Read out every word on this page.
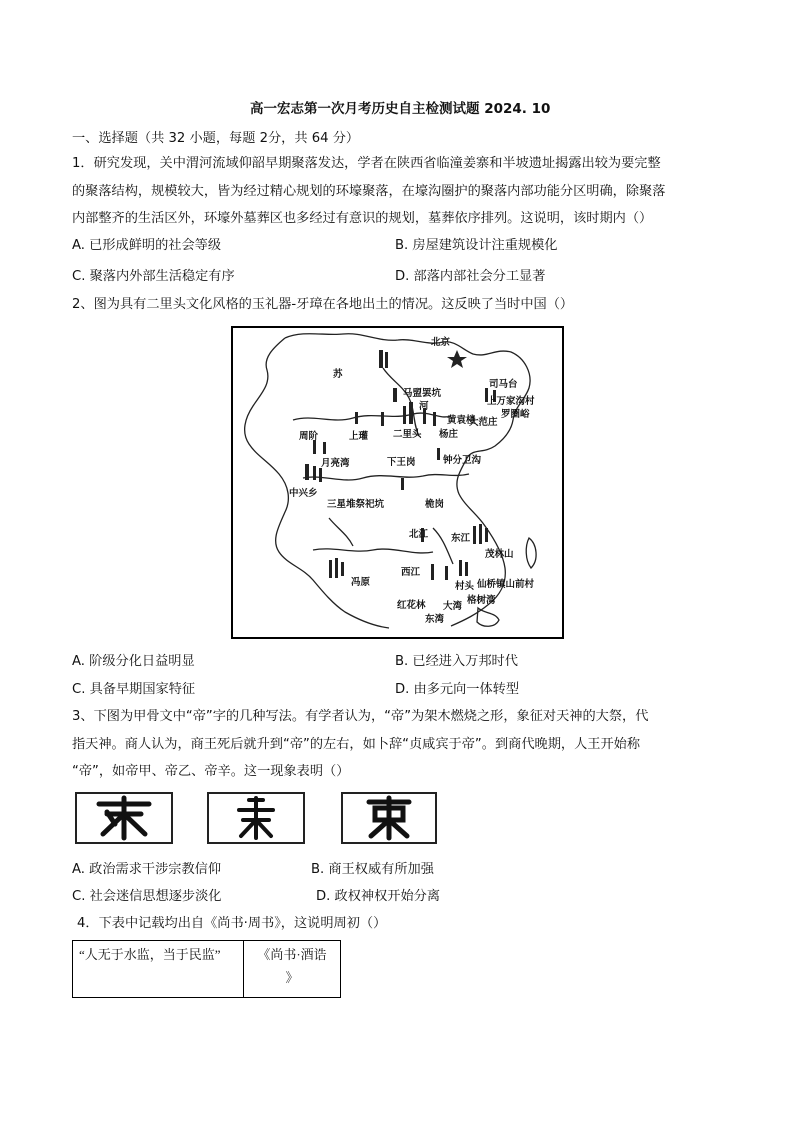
高一宏志第一次月考历史自主检测试题 2024. 10
一、选择题（共 32 小题，每题 2分，共 64 分）
1．研究发现，关中渭河流域仰韶早期聚落发达，学者在陕西省临潼姜寨和半坡遗址揭露出较为要完整
的聚落结构，规模较大，皆为经过精心规划的环壕聚落，在壕沟圈护的聚落内部功能分区明确，除聚落
内部整齐的生活区外，环壕外墓葬区也多经过有意识的规划，墓葬依序排列。这说明，该时期内（）
A. 已形成鲜明的社会等级	B. 房屋建筑设计注重规模化
C. 聚落内外部生活稳定有序	D. 部落内部社会分工显著
2、图为具有二里头文化风格的玉礼器-牙璋在各地出土的情况。这反映了当时中国（）
北京
苏
马盟罢坑
司马台
上万家沟村
罗圈峪
河
黄袁楼
大范庄
上瓘	二里头 杨庄
周阶
月亮湾	下王岗	钟分卫沟
中兴乡
三星堆祭祀坑	桅岗
北江 东江
茂林山
西江
冯原	村头 仙桥镇山前村
格树湾
红花林 大湾
东湾
A. 阶级分化日益明显	B. 已经进入万邦时代
C. 具备早期国家特征	D. 由多元向一体转型
3、下图为甲骨文中“帝”字的几种写法。有学者认为，“帝”为架木燃烧之形，象征对天神的大祭，代
指天神。商人认为，商王死后就升到“帝”的左右，如卜辞“贞咸宾于帝”。到商代晚期，人王开始称
“帝”，如帝甲、帝乙、帝辛。这一现象表明（）
A. 政治需求干涉宗教信仰	B. 商王权威有所加强
C. 社会迷信思想逐步淡化	D. 政权神权开始分离
4．下表中记载均出自《尚书·周书》，这说明周初（）
“人无于水监，当于民监”	《尚书·酒诰
》
